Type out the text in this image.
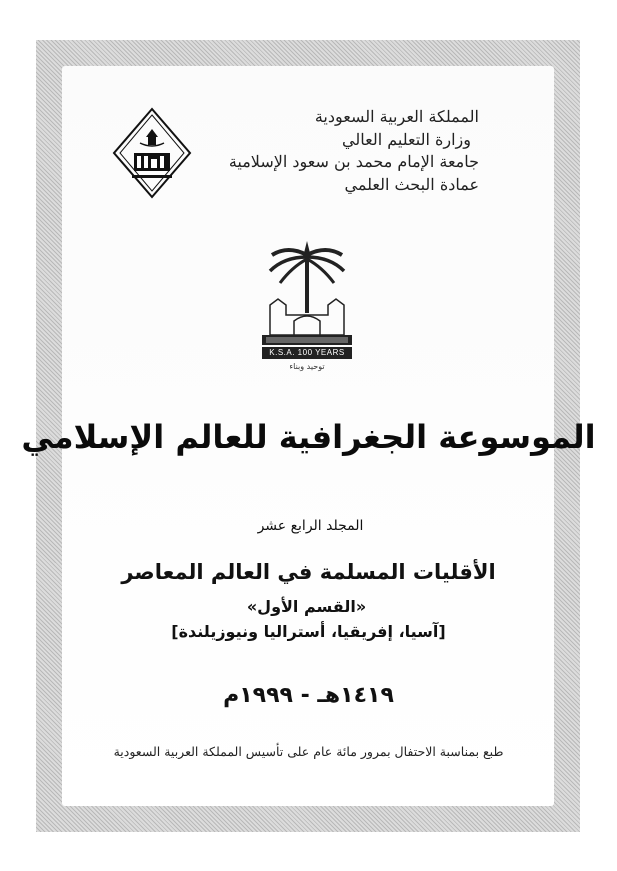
المملكة العربية السعودية

وزارة التعليم العالي

جامعة الإمام محمد بن سعود الإسلامية

عمادة البحث العلمي

K.S.A. 100 YEARS
توحيد وبناء

الموسوعة الجغرافية للعالم الإسلامي

المجلد الرابع عشر

الأقليات المسلمة في العالم المعاصر

«القسم الأول»

[آسيا، إفريقيا، أستراليا ونيوزيلندة]

١٤١٩هـ - ١٩٩٩م

طبع بمناسبة الاحتفال بمرور مائة عام على تأسيس المملكة العربية السعودية
